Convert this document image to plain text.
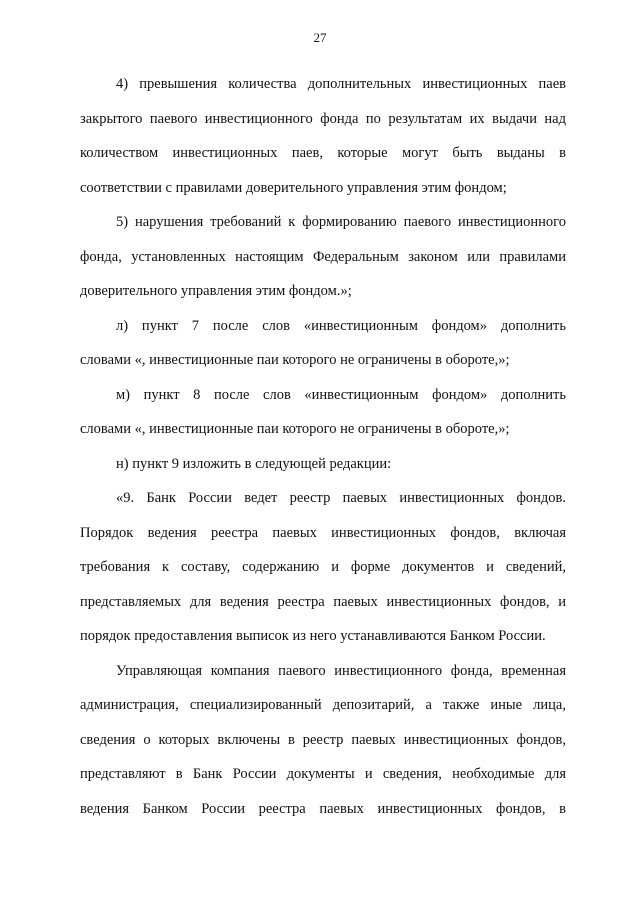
27
4) превышения количества дополнительных инвестиционных паев
закрытого паевого инвестиционного фонда по результатам их выдачи над
количеством инвестиционных паев, которые могут быть выданы в
соответствии с правилами доверительного управления этим фондом;
5) нарушения требований к формированию паевого инвестиционного
фонда, установленных настоящим Федеральным законом или правилами
доверительного управления этим фондом.»;
л) пункт 7 после слов «инвестиционным фондом» дополнить
словами «, инвестиционные паи которого не ограничены в обороте,»;
м) пункт 8 после слов «инвестиционным фондом» дополнить
словами «, инвестиционные паи которого не ограничены в обороте,»;
н) пункт 9 изложить в следующей редакции:
«9. Банк России ведет реестр паевых инвестиционных фондов.
Порядок ведения реестра паевых инвестиционных фондов, включая
требования к составу, содержанию и форме документов и сведений,
представляемых для ведения реестра паевых инвестиционных фондов, и
порядок предоставления выписок из него устанавливаются Банком России.
Управляющая компания паевого инвестиционного фонда, временная
администрация, специализированный депозитарий, а также иные лица,
сведения о которых включены в реестр паевых инвестиционных фондов,
представляют в Банк России документы и сведения, необходимые для
ведения Банком России реестра паевых инвестиционных фондов, в
